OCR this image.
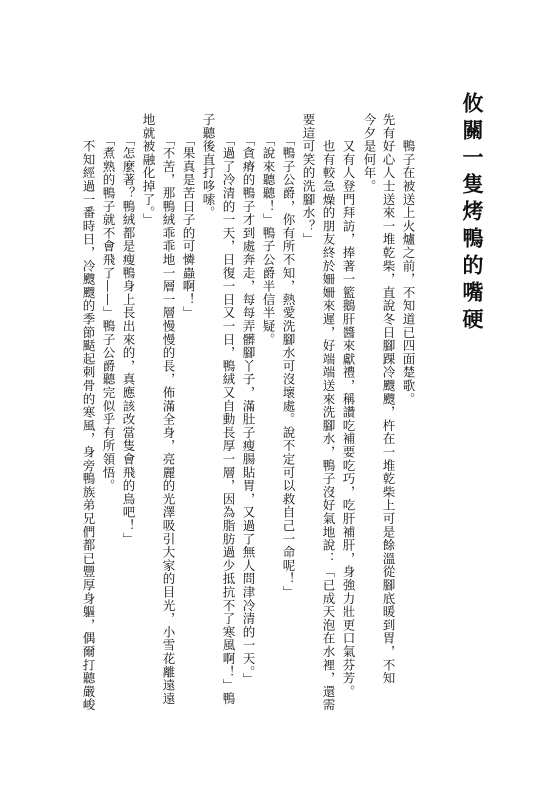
攸關一隻烤鴨的嘴硬
　　鴨子在被送上火爐之前，不知道已四面楚歌。
先有好心人士送來一堆乾柴，直說冬日腳踝冷颼颼，杵在一堆乾柴上可是餘溫從腳底暖到胃，不知
今夕是何年。
　　又有人登門拜訪，捧著一籃鵝肝醬來獻禮，稱讚吃補要吃巧，吃肝補肝，身強力壯更口氣芬芳。
　　也有較急燥的朋友終於姍姍來遲，好端端送來洗腳水，鴨子沒好氣地說：「已成天泡在水裡，還需
要這可笑的洗腳水？」
　　「鴨子公爵，你有所不知，熱愛洗腳水可沒壞處。說不定可以救自己一命呢！」
　　「說來聽聽！」鴨子公爵半信半疑。
　　「貪瘠的鴨子才到處奔走，每每弄髒腳丫子，滿肚子瘦腸貼胃，又過了無人問津冷清的一天。」
　　「過了冷清的一天，日復一日又一日，鴨絨又自動長厚一層，因為脂肪過少抵抗不了寒風啊！」鴨
子聽後直打哆嗦。
　　「果真是苦日子的可憐蟲啊！」
　　「不苦，那鴨絨乖乖地一層一層慢慢的長，佈滿全身，亮麗的光澤吸引大家的目光，小雪花離遠遠
地就被融化掉了。」
　　「怎麼著？鴨絨都是瘦鴨身上長出來的，真應該改當隻會飛的鳥吧！」
　　「煮熟的鴨子就不會飛了——」鴨子公爵聽完似乎有所領悟。
　　不知經過一番時日，冷颼颼的季節颳起刺骨的寒風，身旁鴨族弟兄們都已豐厚身軀，偶爾打聽嚴峻
